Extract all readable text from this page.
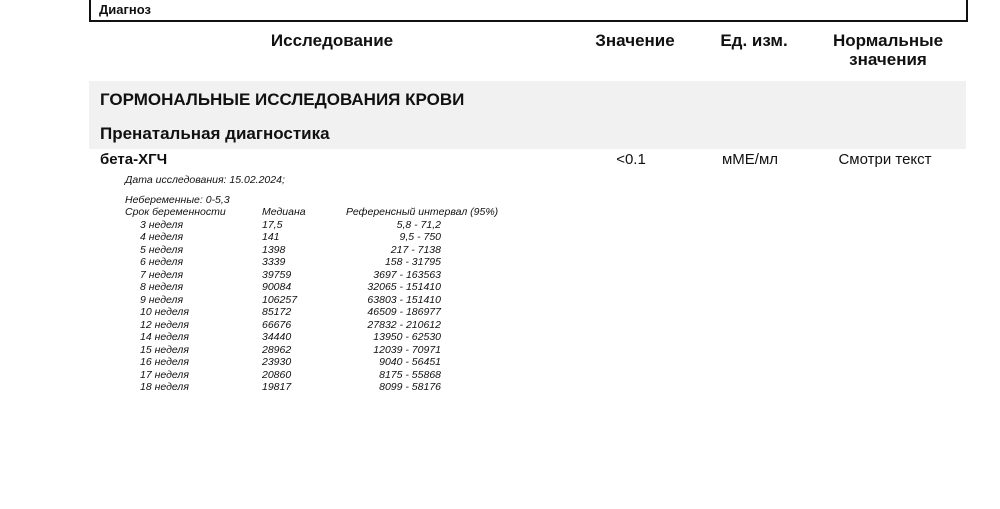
Диагноз
Исследование	Значение	Ед. изм.	Нормальные
значения
ГОРМОНАЛЬНЫЕ ИССЛЕДОВАНИЯ КРОВИ
Пренатальная диагностика
бета-ХГЧ	<0.1	мМЕ/мл	Смотри текст
Дата исследования: 15.02.2024;
Небеременные: 0-5,3
Срок беременности	Медиана	Референсный интервал (95%)
3 неделя	17,5	5,8 - 71,2
4 неделя	141	9,5 - 750
5 неделя	1398	217 - 7138
6 неделя	3339	158 - 31795
7 неделя	39759	3697 - 163563
8 неделя	90084	32065 - 151410
9 неделя	106257	63803 - 151410
10 неделя	85172	46509 - 186977
12 неделя	66676	27832 - 210612
14 неделя	34440	13950 - 62530
15 неделя	28962	12039 - 70971
16 неделя	23930	9040 - 56451
17 неделя	20860	8175 - 55868
18 неделя	19817	8099 - 58176
